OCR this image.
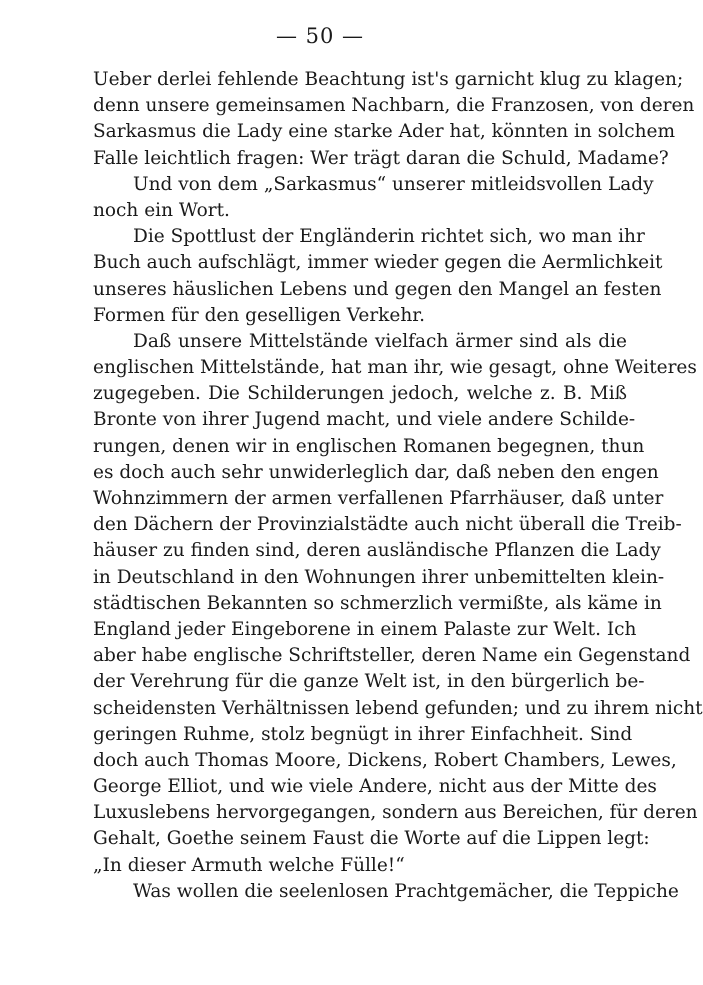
— 50 —
Ueber derlei fehlende Beachtung ist's garnicht klug zu klagen;
denn unsere gemeinsamen Nachbarn, die Franzosen, von deren
Sarkasmus die Lady eine starke Ader hat, könnten in solchem
Falle leichtlich fragen: Wer trägt daran die Schuld, Madame?
Und von dem „Sarkasmus“ unserer mitleidsvollen Lady
noch ein Wort.
Die Spottlust der Engländerin richtet sich, wo man ihr
Buch auch aufschlägt, immer wieder gegen die Aermlichkeit
unseres häuslichen Lebens und gegen den Mangel an festen
Formen für den geselligen Verkehr.
Daß unsere Mittelstände vielfach ärmer sind als die
englischen Mittelstände, hat man ihr, wie gesagt, ohne Weiteres
zugegeben. Die Schilderungen jedoch, welche z. B. Miß
Bronte von ihrer Jugend macht, und viele andere Schilde-
rungen, denen wir in englischen Romanen begegnen, thun
es doch auch sehr unwiderleglich dar, daß neben den engen
Wohnzimmern der armen verfallenen Pfarrhäuser, daß unter
den Dächern der Provinzialstädte auch nicht überall die Treib-
häuser zu finden sind, deren ausländische Pflanzen die Lady
in Deutschland in den Wohnungen ihrer unbemittelten klein-
städtischen Bekannten so schmerzlich vermißte, als käme in
England jeder Eingeborene in einem Palaste zur Welt. Ich
aber habe englische Schriftsteller, deren Name ein Gegenstand
der Verehrung für die ganze Welt ist, in den bürgerlich be-
scheidensten Verhältnissen lebend gefunden; und zu ihrem nicht
geringen Ruhme, stolz begnügt in ihrer Einfachheit. Sind
doch auch Thomas Moore, Dickens, Robert Chambers, Lewes,
George Elliot, und wie viele Andere, nicht aus der Mitte des
Luxuslebens hervorgegangen, sondern aus Bereichen, für deren
Gehalt, Goethe seinem Faust die Worte auf die Lippen legt:
„In dieser Armuth welche Fülle!“
Was wollen die seelenlosen Prachtgemächer, die Teppiche
